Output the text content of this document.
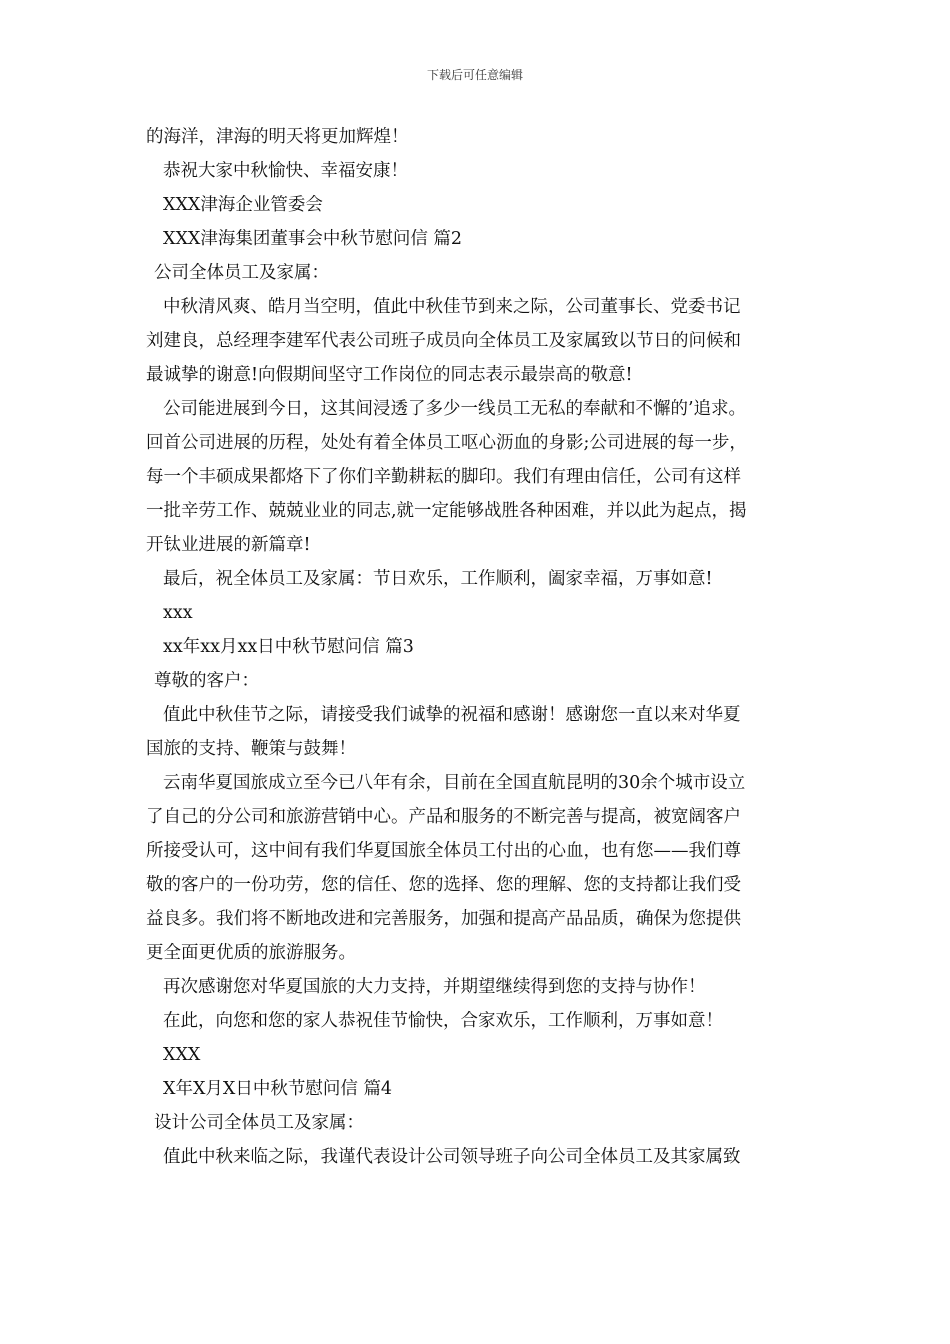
下载后可任意编辑
的海洋，津海的明天将更加辉煌！
恭祝大家中秋愉快、幸福安康！
XXX津海企业管委会
XXX津海集团董事会中秋节慰问信 篇2
公司全体员工及家属：
中秋清风爽、皓月当空明，值此中秋佳节到来之际，公司董事长、党委书记
刘建良，总经理李建军代表公司班子成员向全体员工及家属致以节日的问候和
最诚挚的谢意!向假期间坚守工作岗位的同志表示最崇高的敬意!
公司能进展到今日，这其间浸透了多少一线员工无私的奉献和不懈的’追求。
回首公司进展的历程，处处有着全体员工呕心沥血的身影;公司进展的每一步，
每一个丰硕成果都烙下了你们辛勤耕耘的脚印。我们有理由信任，公司有这样
一批辛劳工作、兢兢业业的同志,就一定能够战胜各种困难，并以此为起点，揭
开钛业进展的新篇章!
最后，祝全体员工及家属：节日欢乐，工作顺利，阖家幸福，万事如意!
xxx
xx年xx月xx日中秋节慰问信 篇3
尊敬的客户：
值此中秋佳节之际，请接受我们诚挚的祝福和感谢！感谢您一直以来对华夏
国旅的支持、鞭策与鼓舞！
云南华夏国旅成立至今已八年有余，目前在全国直航昆明的30余个城市设立
了自己的分公司和旅游营销中心。产品和服务的不断完善与提高，被宽阔客户
所接受认可，这中间有我们华夏国旅全体员工付出的心血，也有您——我们尊
敬的客户的一份功劳，您的信任、您的选择、您的理解、您的支持都让我们受
益良多。我们将不断地改进和完善服务，加强和提高产品品质，确保为您提供
更全面更优质的旅游服务。
再次感谢您对华夏国旅的大力支持，并期望继续得到您的支持与协作！
在此，向您和您的家人恭祝佳节愉快，合家欢乐，工作顺利，万事如意！
XXX
X年X月X日中秋节慰问信 篇4
设计公司全体员工及家属：
值此中秋来临之际，我谨代表设计公司领导班子向公司全体员工及其家属致
